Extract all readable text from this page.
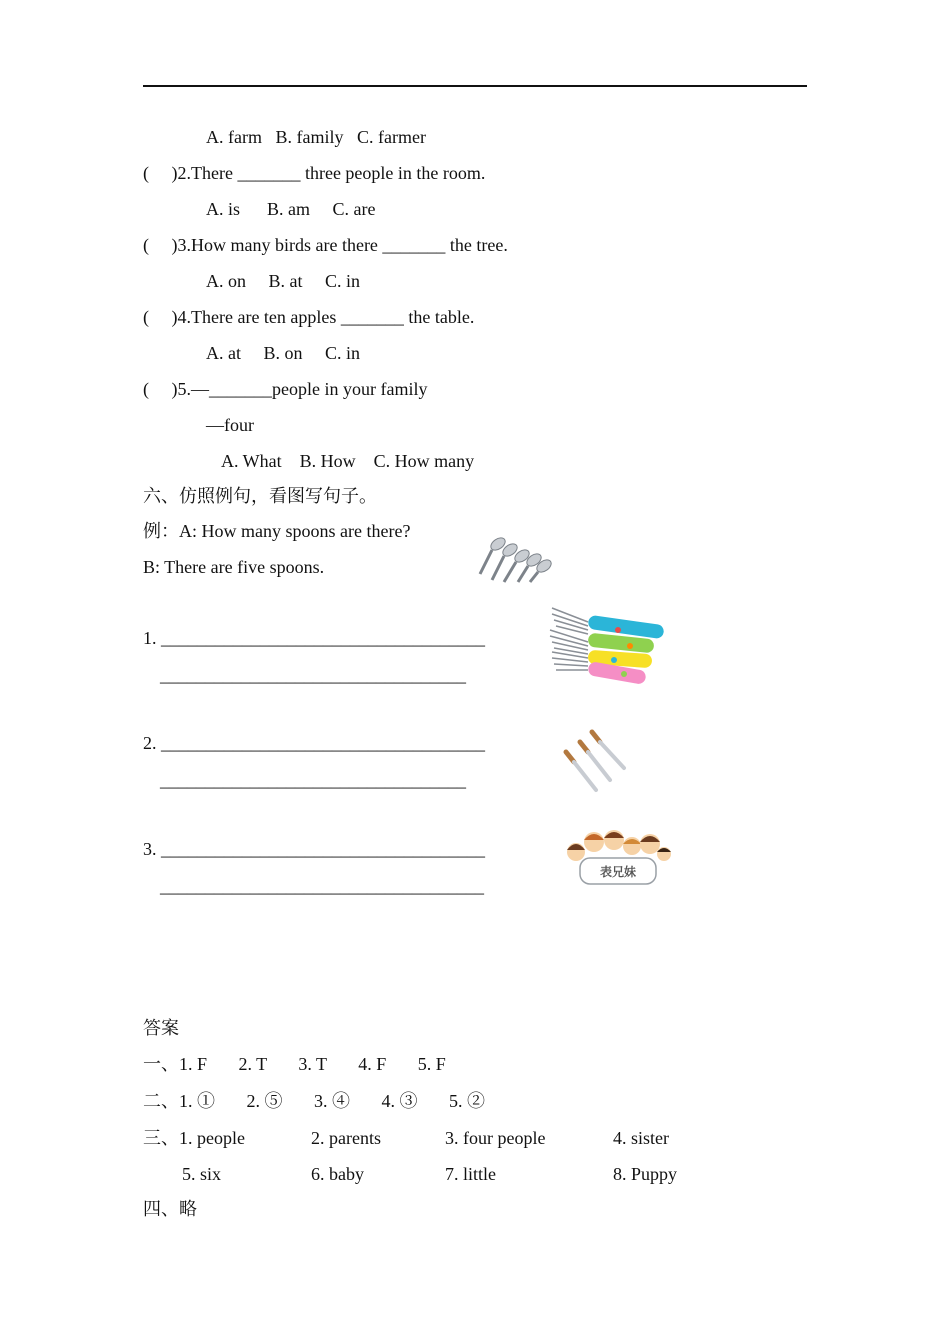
A. farm   B. family   C. farmer
(     )2.There _______ three people in the room.
A. is      B. am     C. are
(     )3.How many birds are there _______ the tree.
A. on     B. at     C. in
(     )4.There are ten apples _______ the table.
A. at     B. on     C. in
(     )5.—_______people in your family
—four
A. What    B. How    C. How many
六、仿照例句，看图写句子。
例：A: How many spoons are there?
B: There are five spoons.
1. ____________________________________
__________________________________
2. ____________________________________
__________________________________
3. ____________________________________
____________________________________
表兄妹
答案
一、1. F       2. T       3. T       4. F       5. F
二、1. ①       2. ⑤       3. ④       4. ③       5. ②
三、1. people	2. parents	3. four people	4. sister
5. six	6. baby	7. little	8. Puppy
四、略
